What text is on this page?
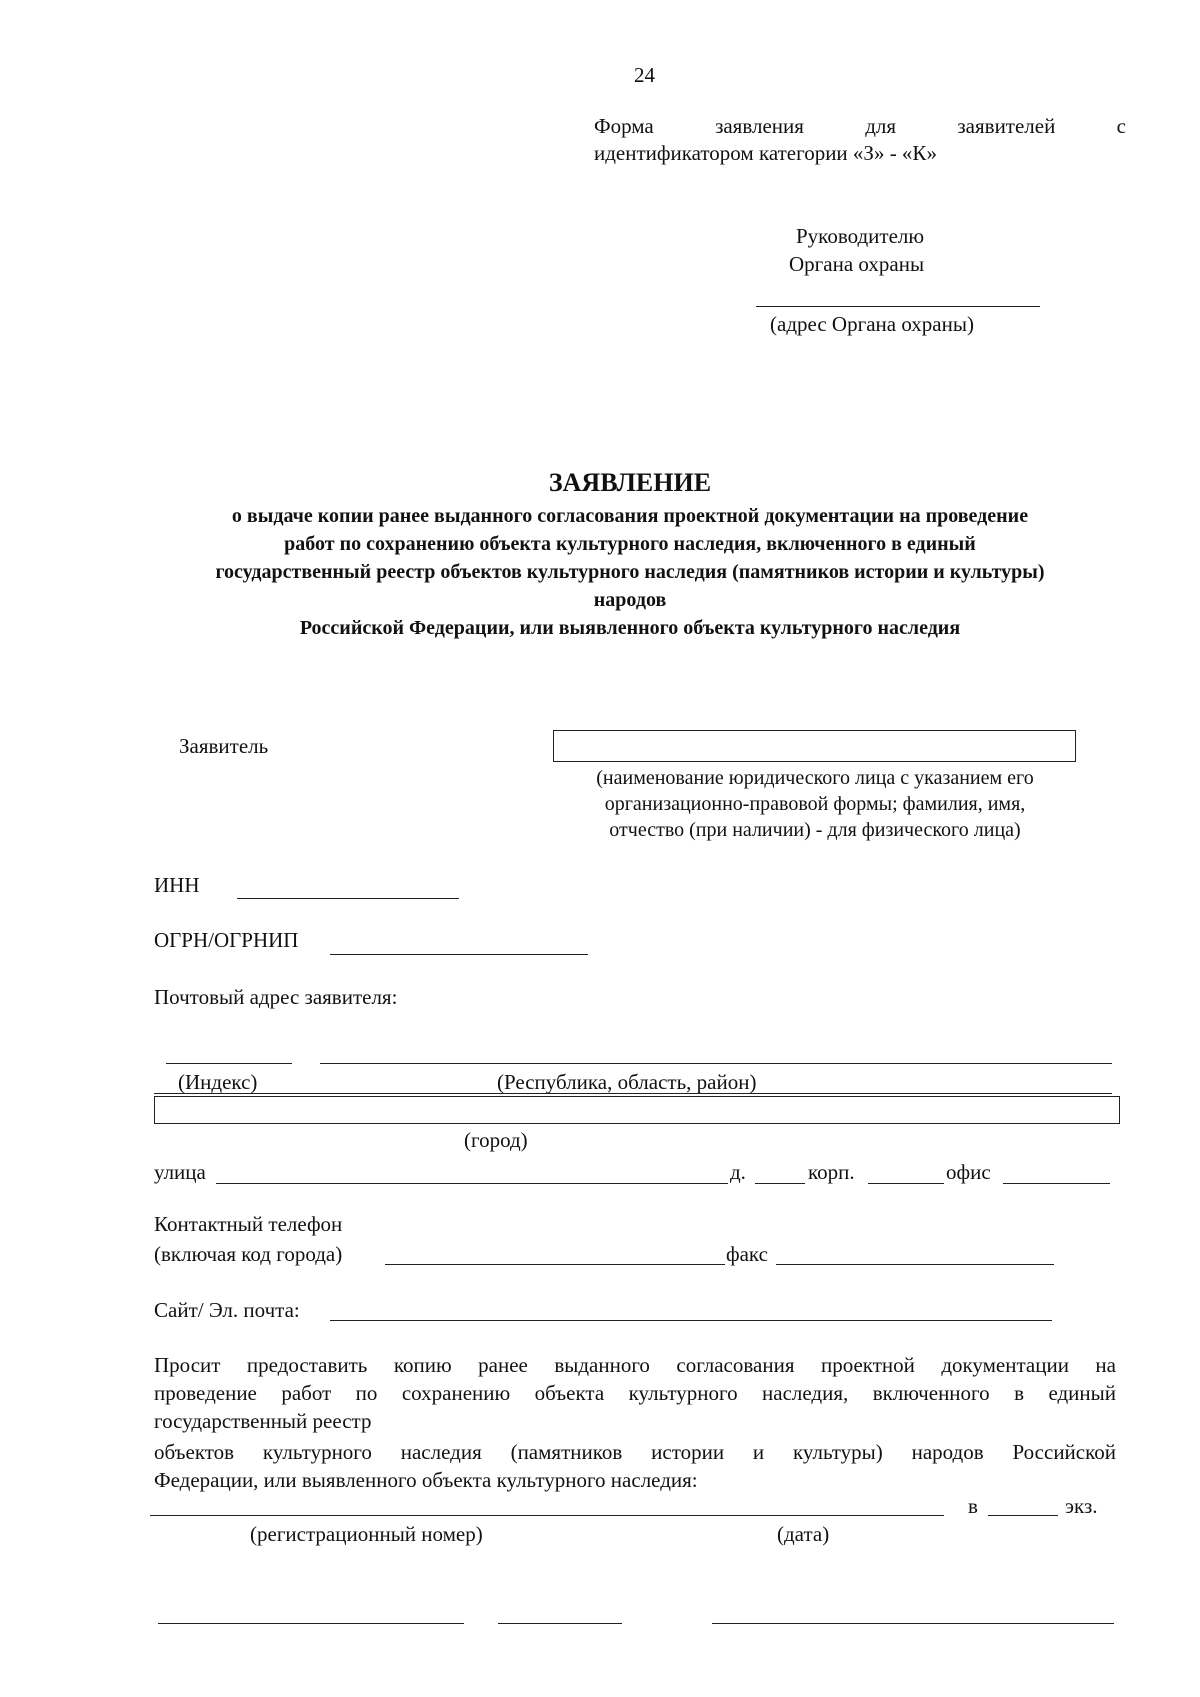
24
Форма	заявления	для	заявителей	с
идентификатором категории «З» - «К»
Руководителю
Органа охраны
(адрес Органа охраны)
ЗАЯВЛЕНИЕ
о выдаче копии ранее выданного согласования проектной документации на проведение
работ по сохранению объекта культурного наследия, включенного в единый
государственный реестр объектов культурного наследия (памятников истории и культуры)
народов
Российской Федерации, или выявленного объекта культурного наследия
Заявитель
(наименование юридического лица с указанием его
организационно-правовой формы; фамилия, имя,
отчество (при наличии) - для физического лица)
ИНН
ОГРН/ОГРНИП
Почтовый адрес заявителя:
(Индекс)	(Республика, область, район)
(город)
улица	д.	корп.	офис
Контактный телефон
(включая код города)	факс
Сайт/ Эл. почта:
Просит предоставить копию ранее выданного согласования проектной документации на
проведение работ по сохранению объекта культурного наследия, включенного в единый
государственный реестр
объектов культурного наследия (памятников истории и культуры) народов Российской
Федерации, или выявленного объекта культурного наследия:
в	экз.
(регистрационный номер)	(дата)
